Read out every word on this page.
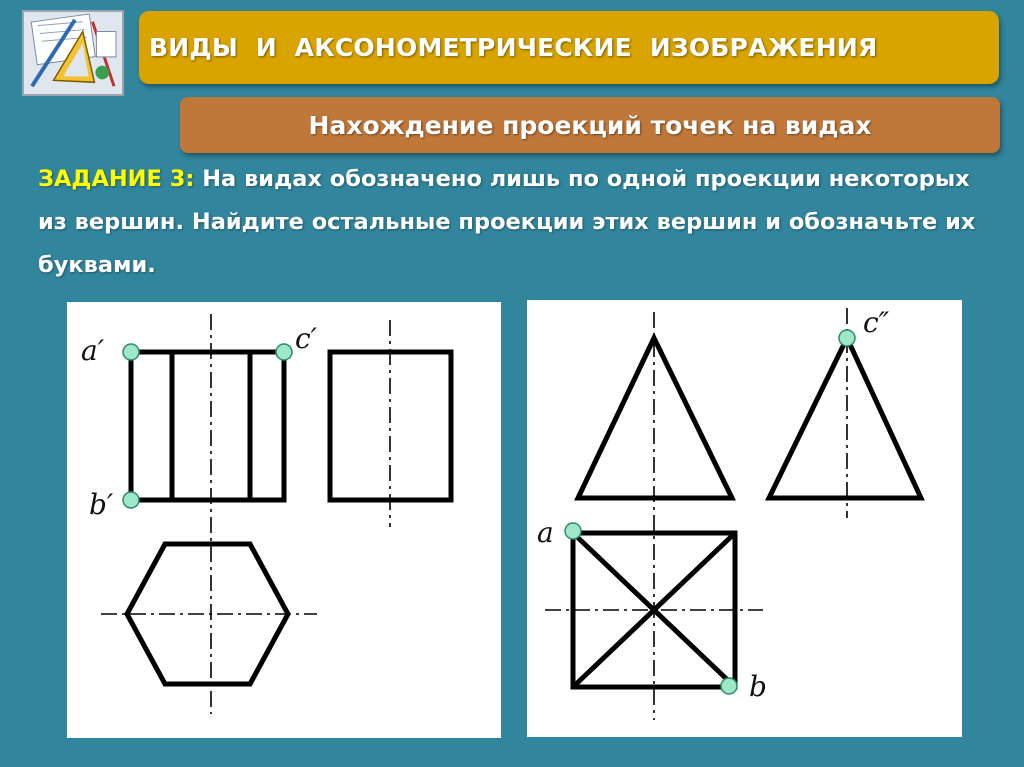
ВИДЫ  И  АКСОНОМЕТРИЧЕСКИЕ  ИЗОБРАЖЕНИЯ
Нахождение проекций точек на видах
ЗАДАНИЕ 3: На видах обозначено лишь по одной проекции некоторых из вершин. Найдите остальные проекции этих вершин и обозначьте их буквами.
a′	c′
b′
c″
a
b
